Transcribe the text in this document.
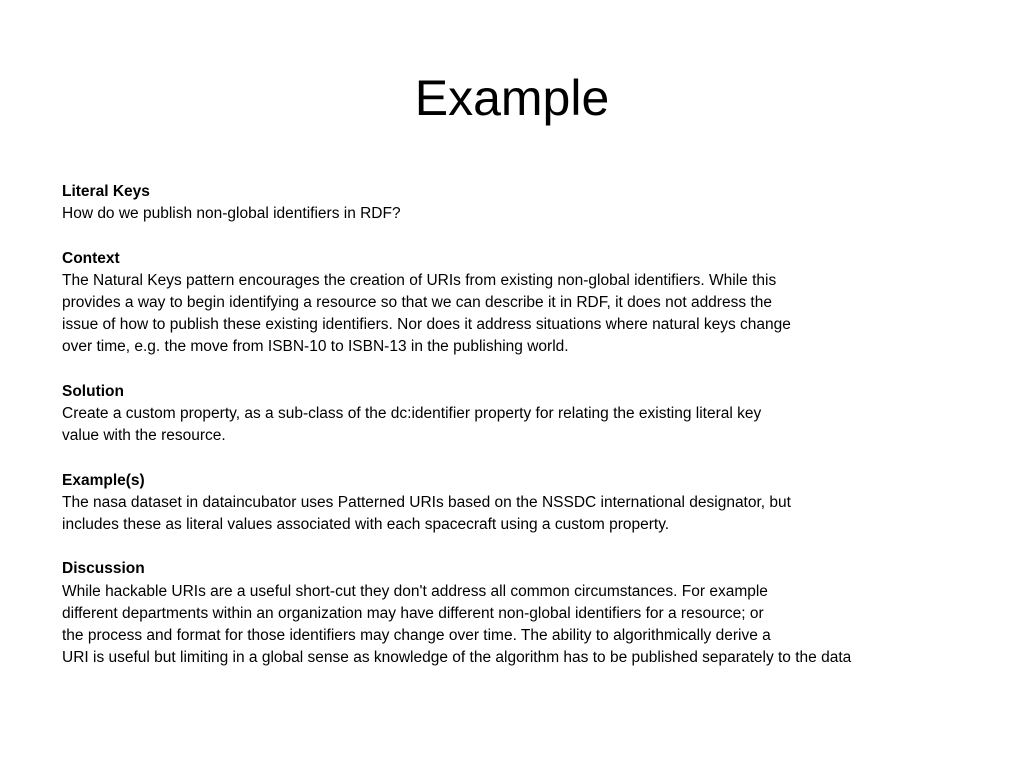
Example
Literal Keys
How do we publish non-global identifiers in RDF?
Context
The Natural Keys pattern encourages the creation of URIs from existing non-global identifiers. While this
provides a way to begin identifying a resource so that we can describe it in RDF, it does not address the
issue of how to publish these existing identifiers. Nor does it address situations where natural keys change
over time, e.g. the move from ISBN-10 to ISBN-13 in the publishing world.
Solution
Create a custom property, as a sub-class of the dc:identifier property for relating the existing literal key
value with the resource.
Example(s)
The nasa dataset in dataincubator uses Patterned URIs based on the NSSDC international designator, but
includes these as literal values associated with each spacecraft using a custom property.
Discussion
While hackable URIs are a useful short-cut they don't address all common circumstances. For example
different departments within an organization may have different non-global identifiers for a resource; or
the process and format for those identifiers may change over time. The ability to algorithmically derive a
URI is useful but limiting in a global sense as knowledge of the algorithm has to be published separately to the data
